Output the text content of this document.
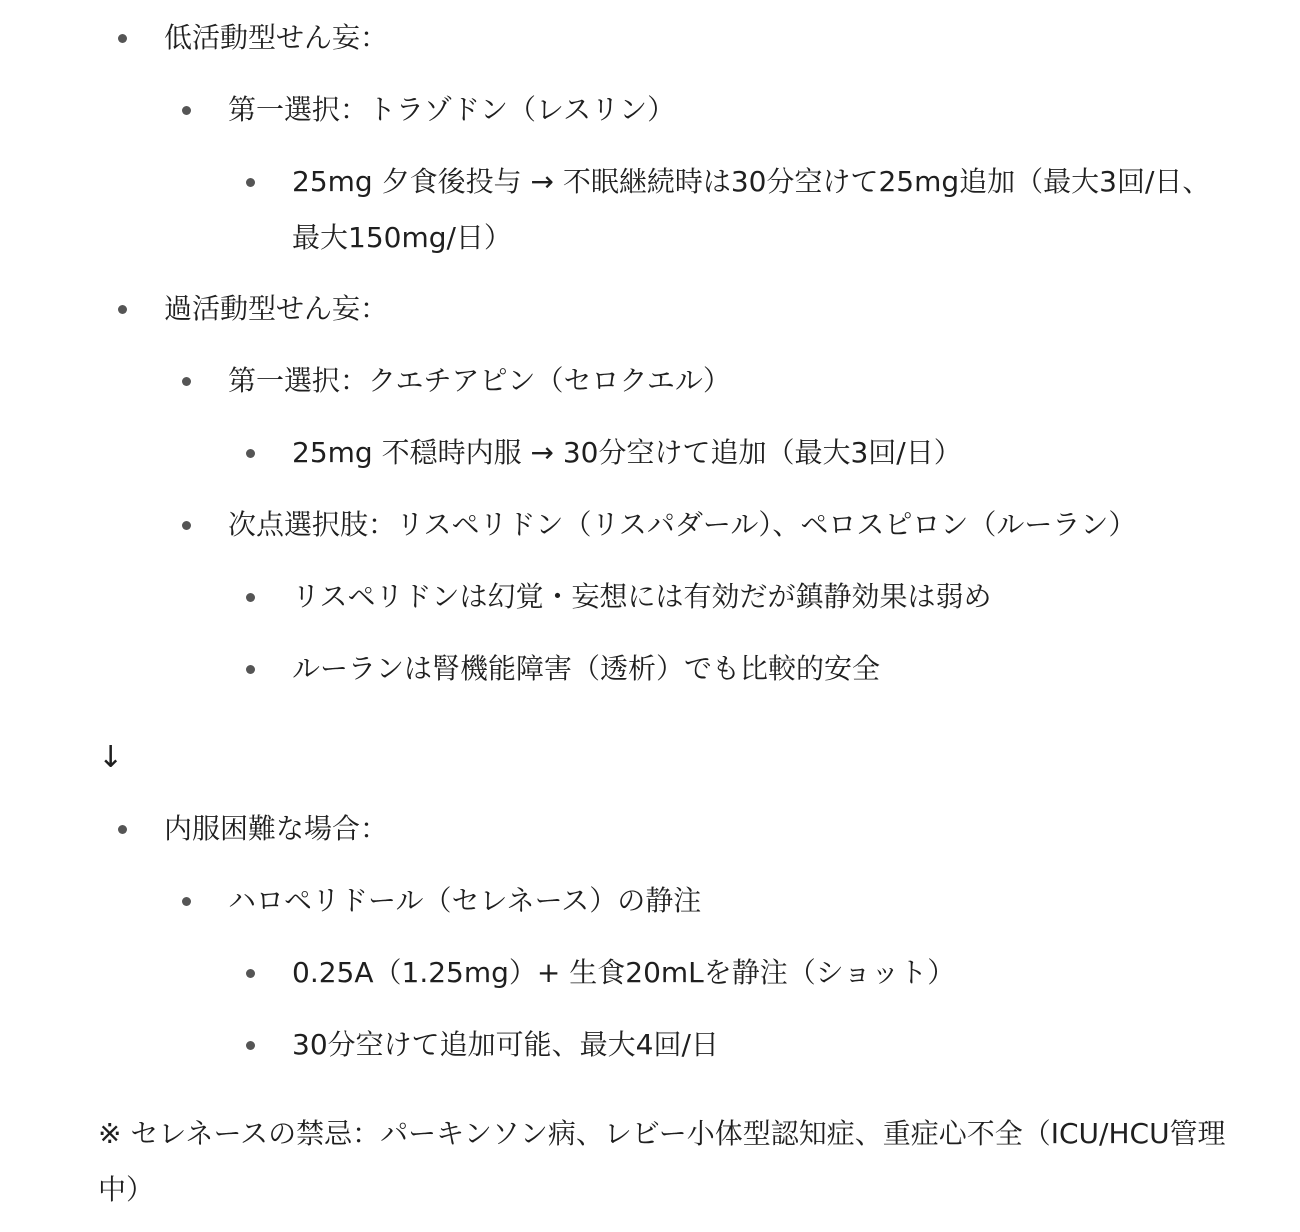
低活動型せん妄：
第一選択：トラゾドン（レスリン）
25mg 夕食後投与 → 不眠継続時は30分空けて25mg追加（最大3回/日、最大150mg/日）
過活動型せん妄：
第一選択：クエチアピン（セロクエル）
25mg 不穏時内服 → 30分空けて追加（最大3回/日）
次点選択肢：リスペリドン（リスパダール）、ペロスピロン（ルーラン）
リスペリドンは幻覚・妄想には有効だが鎮静効果は弱め
ルーランは腎機能障害（透析）でも比較的安全
↓
内服困難な場合：
ハロペリドール（セレネース）の静注
0.25A（1.25mg）+ 生食20mLを静注（ショット）
30分空けて追加可能、最大4回/日
※ セレネースの禁忌：パーキンソン病、レビー小体型認知症、重症心不全（ICU/HCU管理中）
